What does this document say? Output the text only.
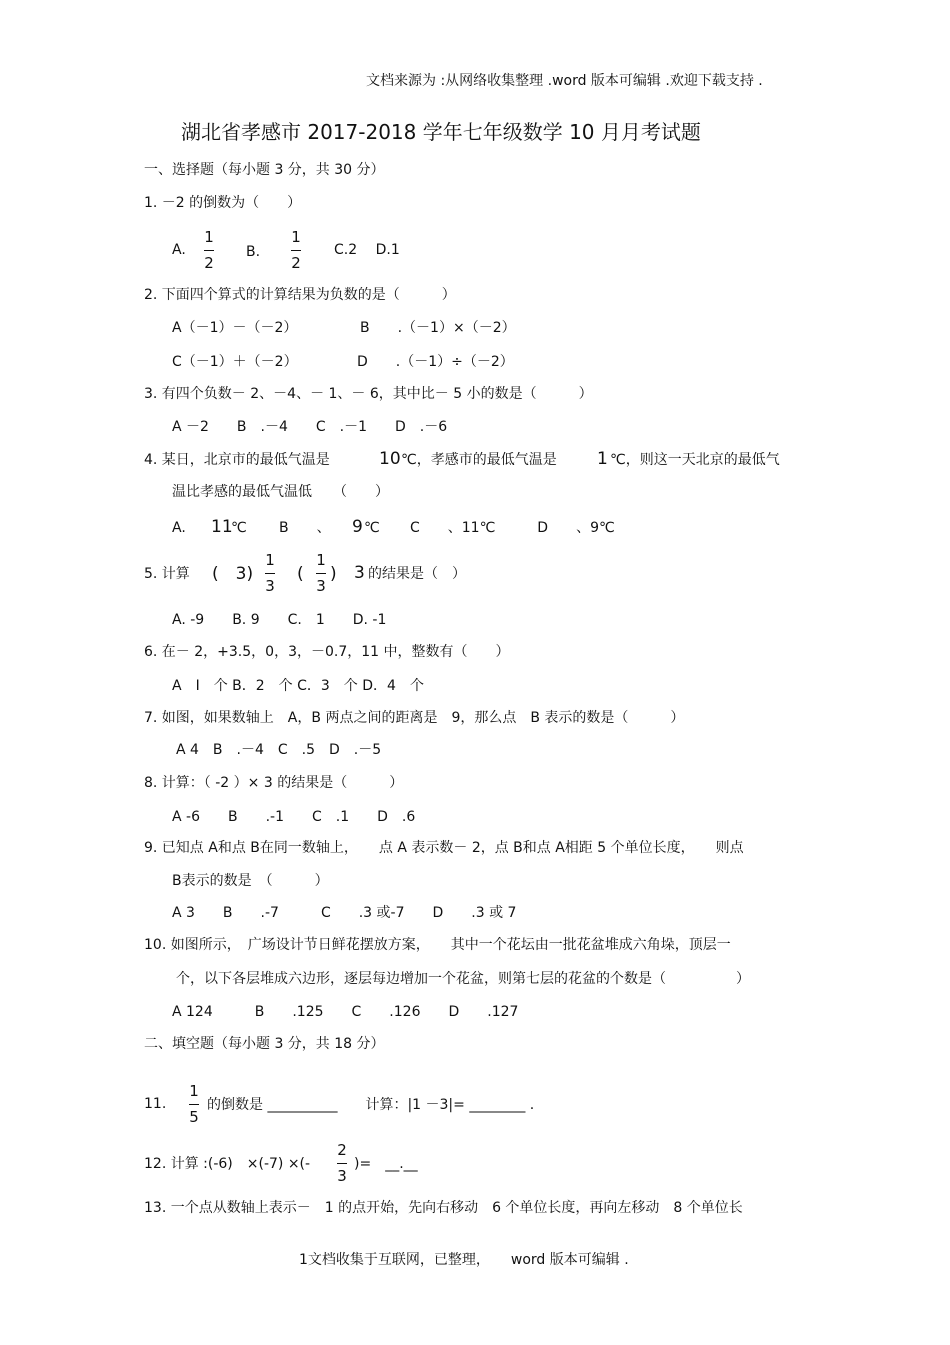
文档来源为 :从网络收集整理 .word 版本可编辑 .欢迎下载支持 .
湖北省孝感市 2017-2018 学年七年级数学 10 月月考试题
一、选择题（每小题 3 分，共 30 分）
1. －2 的倒数为（　　）
A.
1
2
B.
1
2
C.2　 D.1
2. 下面四个算式的计算结果为负数的是（　　　）
A（－1）－（－2）	B　　.（－1）×（－2）
C（－1）＋（－2）	D　　.（－1）÷（－2）
3. 有四个负数－ 2、－4、－ 1、－ 6，其中比－ 5 小的数是（　　　）
A －2　　B　.－4　　C　.－1　　D　.－6
4. 某日，北京市的最低气温是	10 ℃，孝感市的最低气温是 1 ℃，则这一天北京的最低气
温比孝感的最低气温低　　（　　）
A. 11
℃ B　　、 9 ℃ C　　、11℃　　　D　　、9℃
5. 计算 (　3)
1
3
(
1
3
) 3 的结果是（　）
A. -9　　B. 9　　C.　1　　D. -1
6. 在－ 2，+3.5，0，3，－0.7，11 中，整数有（　　）
A　I　个 B．2　个 C．3　个 D．4　个
7. 如图，如果数轴上　A，B 两点之间的距离是　9，那么点　B 表示的数是（　　　）
A 4　B　.－4　C　.5　D　.－5
8. 计算：（ -2 ）× 3 的结果是（　　　）
A -6　　B　　.-1　　C　.1　　D　.6
9. 已知点 A和点 B在同一数轴上，　　点 A 表示数－ 2，点 B和点 A相距 5 个单位长度，　　则点
B表示的数是　（　　　）
A 3　　B　　.-7　　　C　　.3 或-7　　D　　.3 或 7
10. 如图所示，　广场设计节日鲜花摆放方案，　　其中一个花坛由一批花盆堆成六角垛，顶层一
个，以下各层堆成六边形，逐层每边增加一个花盆，则第七层的花盆的个数是（　　　　　）
A 124　　　B　　.125　　C　　.126　　D　　.127
二、填空题（每小题 3 分，共 18 分）
11.
1
5
的倒数是 __________　　计算：|1 －3|= ________ .
12. 计算 :(-6)　×(-7) ×(-
2
3
)=　__.__
13. 一个点从数轴上表示－　1 的点开始，先向右移动　6 个单位长度，再向左移动　8 个单位长
1文档收集于互联网，已整理，　　word 版本可编辑 .
